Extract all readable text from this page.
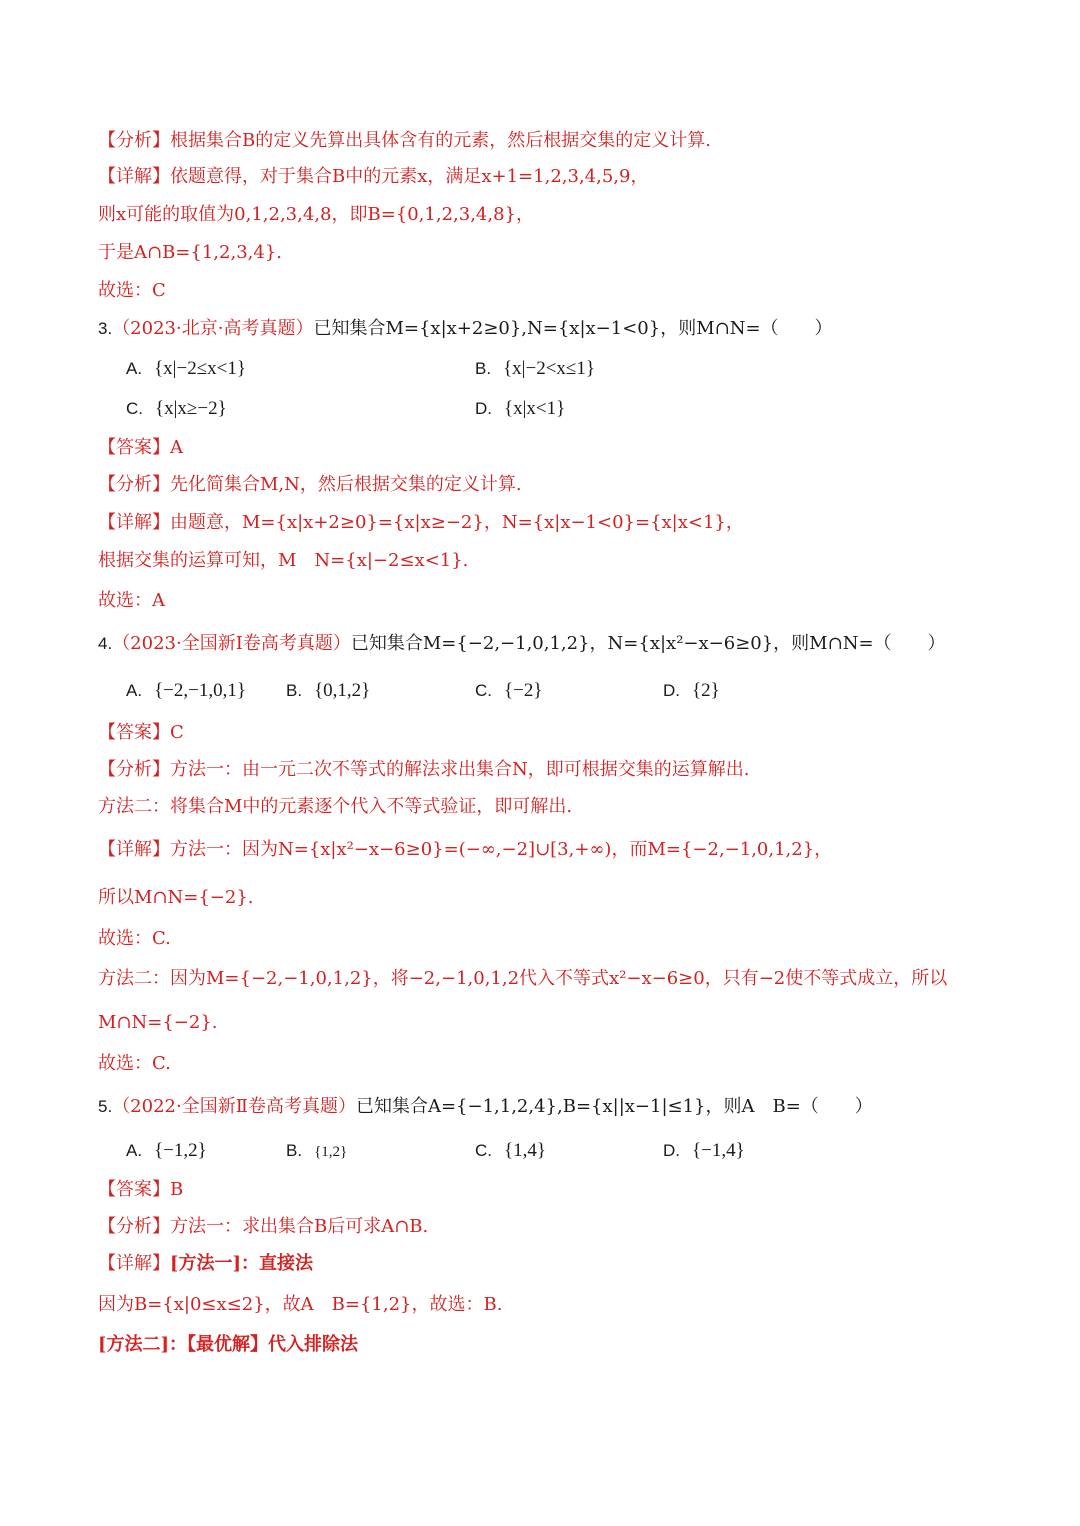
【分析】根据集合B的定义先算出具体含有的元素，然后根据交集的定义计算.
【详解】依题意得，对于集合B中的元素x，满足x+1=1,2,3,4,5,9，
则x可能的取值为0,1,2,3,4,8，即B={0,1,2,3,4,8}，
于是A∩B={1,2,3,4}.
故选：C
3.（2023·北京·高考真题）已知集合M={x|x+2≥0},N={x|x−1<0}，则M∩N=（　　）
A. {x|−2≤x<1}	B. {x|−2<x≤1}
C. {x|x≥−2}	D. {x|x<1}
【答案】A
【分析】先化简集合M,N，然后根据交集的定义计算.
【详解】由题意，M={x|x+2≥0}={x|x≥−2}，N={x|x−1<0}={x|x<1}，
根据交集的运算可知，M　N={x|−2≤x<1}.
故选：A
4.（2023·全国新Ⅰ卷高考真题）已知集合M={−2,−1,0,1,2}，N={x|x²−x−6≥0}，则M∩N=（　　）
A. {−2,−1,0,1} B. {0,1,2}	C. {−2}	D. {2}
【答案】C
【分析】方法一：由一元二次不等式的解法求出集合N，即可根据交集的运算解出.
方法二：将集合M中的元素逐个代入不等式验证，即可解出.
【详解】方法一：因为N={x|x²−x−6≥0}=(−∞,−2]∪[3,+∞)，而M={−2,−1,0,1,2}，
所以M∩N={−2}.
故选：C.
方法二：因为M={−2,−1,0,1,2}，将−2,−1,0,1,2代入不等式x²−x−6≥0，只有−2使不等式成立，所以
M∩N={−2}.
故选：C.
5.（2022·全国新Ⅱ卷高考真题）已知集合A={−1,1,2,4},B={x||x−1|≤1}，则A　B=（　　）
A. {−1,2}	B. {1,2}	C. {1,4}	D. {−1,4}
【答案】B
【分析】方法一：求出集合B后可求A∩B.
【详解】[方法一]：直接法
因为B={x|0≤x≤2}，故A　B={1,2}，故选：B.
[方法二]：【最优解】代入排除法
